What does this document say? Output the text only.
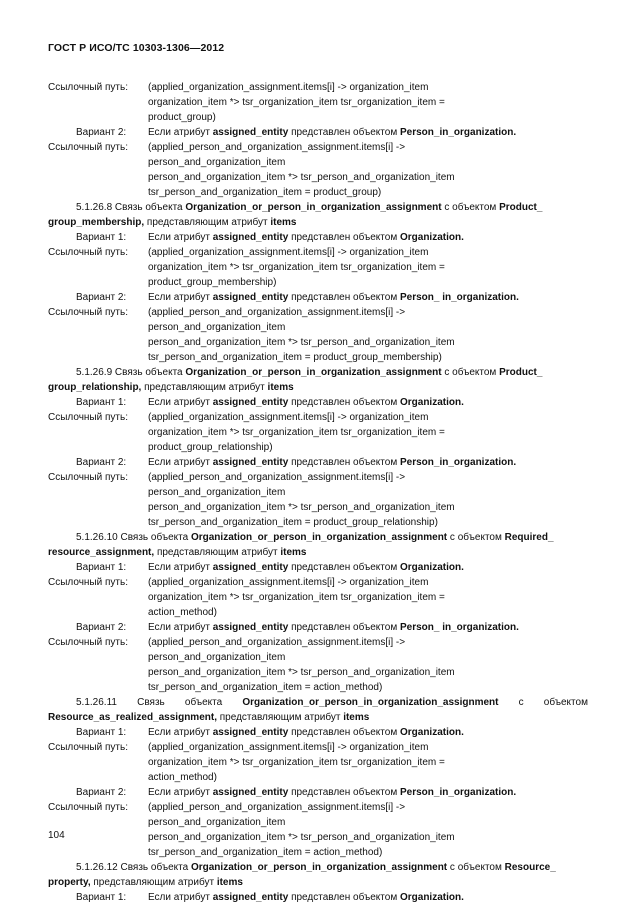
ГОСТ Р ИСО/ТС 10303-1306—2012
Ссылочный путь:	(applied_organization_assignment.items[i] -> organization_item
organization_item *> tsr_organization_item tsr_organization_item =
product_group)
Вариант 2:	Если атрибут assigned_entity представлен объектом Person_in_organization.
Ссылочный путь:	(applied_person_and_organization_assignment.items[i] ->
person_and_organization_item
person_and_organization_item *> tsr_person_and_organization_item
tsr_person_and_organization_item = product_group)
5.1.26.8 Связь объекта Organization_or_person_in_organization_assignment с объектом Product_
group_membership, представляющим атрибут items
Вариант 1:	Если атрибут assigned_entity представлен объектом Organization.
Ссылочный путь:	(applied_organization_assignment.items[i] -> organization_item
organization_item *> tsr_organization_item tsr_organization_item =
product_group_membership)
Вариант 2:	Если атрибут assigned_entity представлен объектом Person_ in_organization.
Ссылочный путь:	(applied_person_and_organization_assignment.items[i] ->
person_and_organization_item
person_and_organization_item *> tsr_person_and_organization_item
tsr_person_and_organization_item = product_group_membership)
5.1.26.9 Связь объекта Organization_or_person_in_organization_assignment с объектом Product_
group_relationship, представляющим атрибут items
Вариант 1:	Если атрибут assigned_entity представлен объектом Organization.
Ссылочный путь:	(applied_organization_assignment.items[i] -> organization_item
organization_item *> tsr_organization_item tsr_organization_item =
product_group_relationship)
Вариант 2:	Если атрибут assigned_entity представлен объектом Person_in_organization.
Ссылочный путь:	(applied_person_and_organization_assignment.items[i] ->
person_and_organization_item
person_and_organization_item *> tsr_person_and_organization_item
tsr_person_and_organization_item = product_group_relationship)
5.1.26.10 Связь объекта Organization_or_person_in_organization_assignment с объектом Required_
resource_assignment, представляющим атрибут items
Вариант 1:	Если атрибут assigned_entity представлен объектом Organization.
Ссылочный путь:	(applied_organization_assignment.items[i] -> organization_item
organization_item *> tsr_organization_item tsr_organization_item =
action_method)
Вариант 2:	Если атрибут assigned_entity представлен объектом Person_ in_organization.
Ссылочный путь:	(applied_person_and_organization_assignment.items[i] ->
person_and_organization_item
person_and_organization_item *> tsr_person_and_organization_item
tsr_person_and_organization_item = action_method)
5.1.26.11 Связь объекта Organization_or_person_in_organization_assignment с объектом
Resource_as_realized_assignment, представляющим атрибут items
Вариант 1:	Если атрибут assigned_entity представлен объектом Organization.
Ссылочный путь:	(applied_organization_assignment.items[i] -> organization_item
organization_item *> tsr_organization_item tsr_organization_item =
action_method)
Вариант 2:	Если атрибут assigned_entity представлен объектом Person_in_organization.
Ссылочный путь:	(applied_person_and_organization_assignment.items[i] ->
person_and_organization_item
person_and_organization_item *> tsr_person_and_organization_item
tsr_person_and_organization_item = action_method)
5.1.26.12 Связь объекта Organization_or_person_in_organization_assignment с объектом Resource_
property, представляющим атрибут items
Вариант 1:	Если атрибут assigned_entity представлен объектом Organization.
104
